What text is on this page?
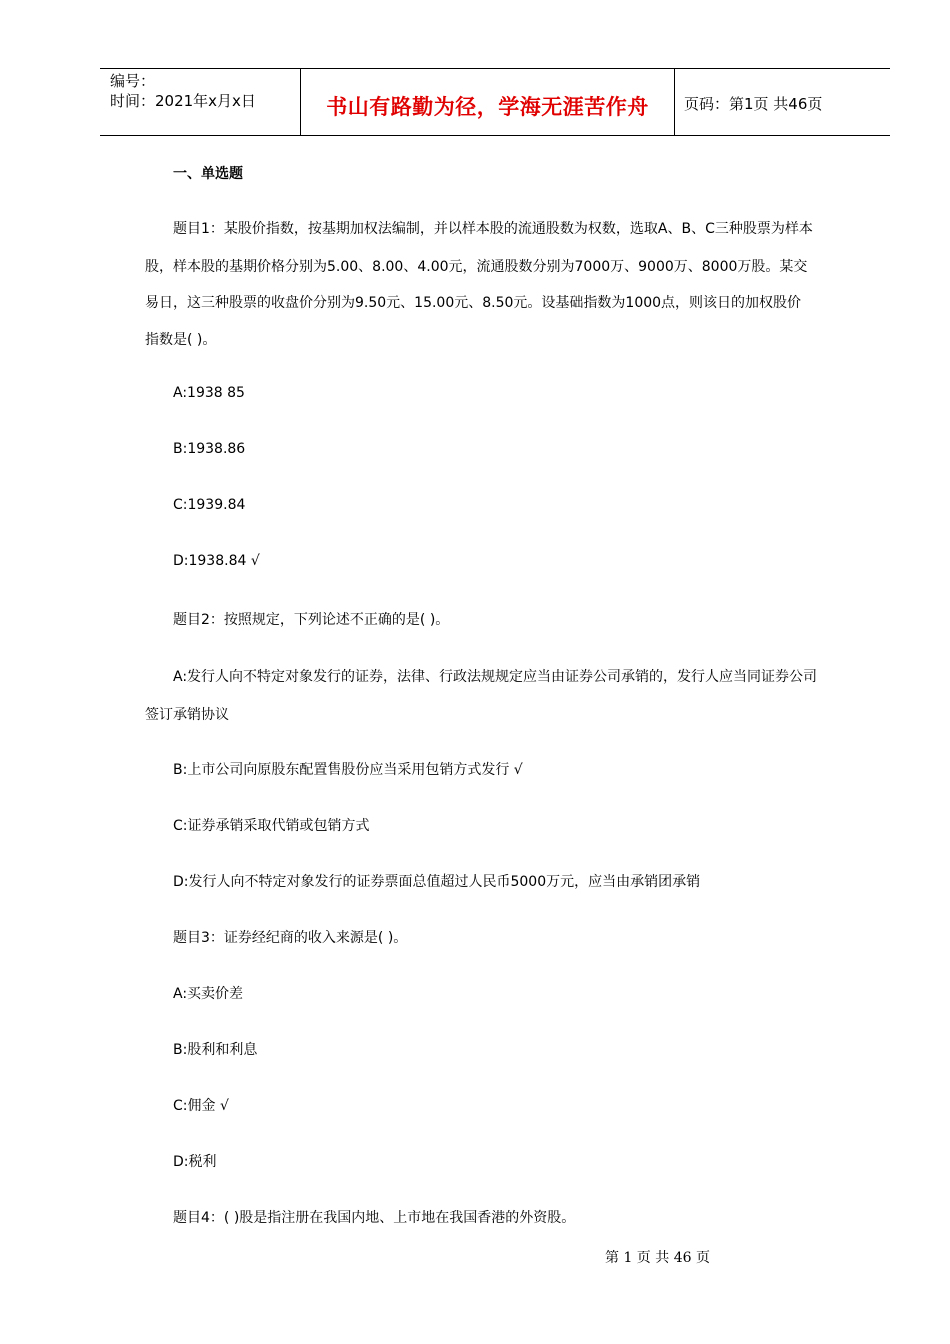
编号：
时间：2021年x月x日	书山有路勤为径，学海无涯苦作舟	页码：第1页 共46页
一、单选题
题目1：某股价指数，按基期加权法编制，并以样本股的流通股数为权数，选取A、B、C三种股票为样本
股，样本股的基期价格分别为5.00、8.00、4.00元，流通股数分别为7000万、9000万、8000万股。某交
易日，这三种股票的收盘价分别为9.50元、15.00元、8.50元。设基础指数为1000点，则该日的加权股价
指数是( )。
A:1938 85
B:1938.86
C:1939.84
D:1938.84 √
题目2：按照规定，下列论述不正确的是( )。
A:发行人向不特定对象发行的证券，法律、行政法规规定应当由证券公司承销的，发行人应当同证券公司
签订承销协议
B:上市公司向原股东配置售股份应当采用包销方式发行 √
C:证券承销采取代销或包销方式
D:发行人向不特定对象发行的证券票面总值超过人民币5000万元，应当由承销团承销
题目3：证券经纪商的收入来源是( )。
A:买卖价差
B:股利和利息
C:佣金 √
D:税利
题目4：( )股是指注册在我国内地、上市地在我国香港的外资股。
第 1 页 共 46 页
